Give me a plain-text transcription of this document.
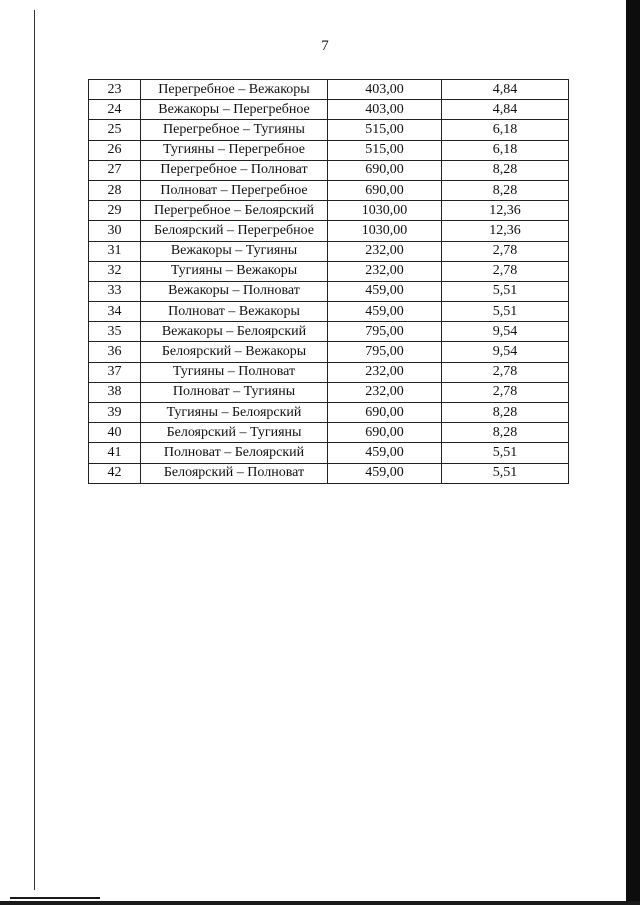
7
23	Перегребное – Вежакоры	403,00	4,84
24	Вежакоры – Перегребное	403,00	4,84
25	Перегребное – Тугияны	515,00	6,18
26	Тугияны – Перегребное	515,00	6,18
27	Перегребное – Полноват	690,00	8,28
28	Полноват – Перегребное	690,00	8,28
29	Перегребное – Белоярский	1030,00	12,36
30	Белоярский – Перегребное	1030,00	12,36
31	Вежакоры – Тугияны	232,00	2,78
32	Тугияны – Вежакоры	232,00	2,78
33	Вежакоры – Полноват	459,00	5,51
34	Полноват – Вежакоры	459,00	5,51
35	Вежакоры – Белоярский	795,00	9,54
36	Белоярский – Вежакоры	795,00	9,54
37	Тугияны – Полноват	232,00	2,78
38	Полноват – Тугияны	232,00	2,78
39	Тугияны – Белоярский	690,00	8,28
40	Белоярский – Тугияны	690,00	8,28
41	Полноват – Белоярский	459,00	5,51
42	Белоярский – Полноват	459,00	5,51
